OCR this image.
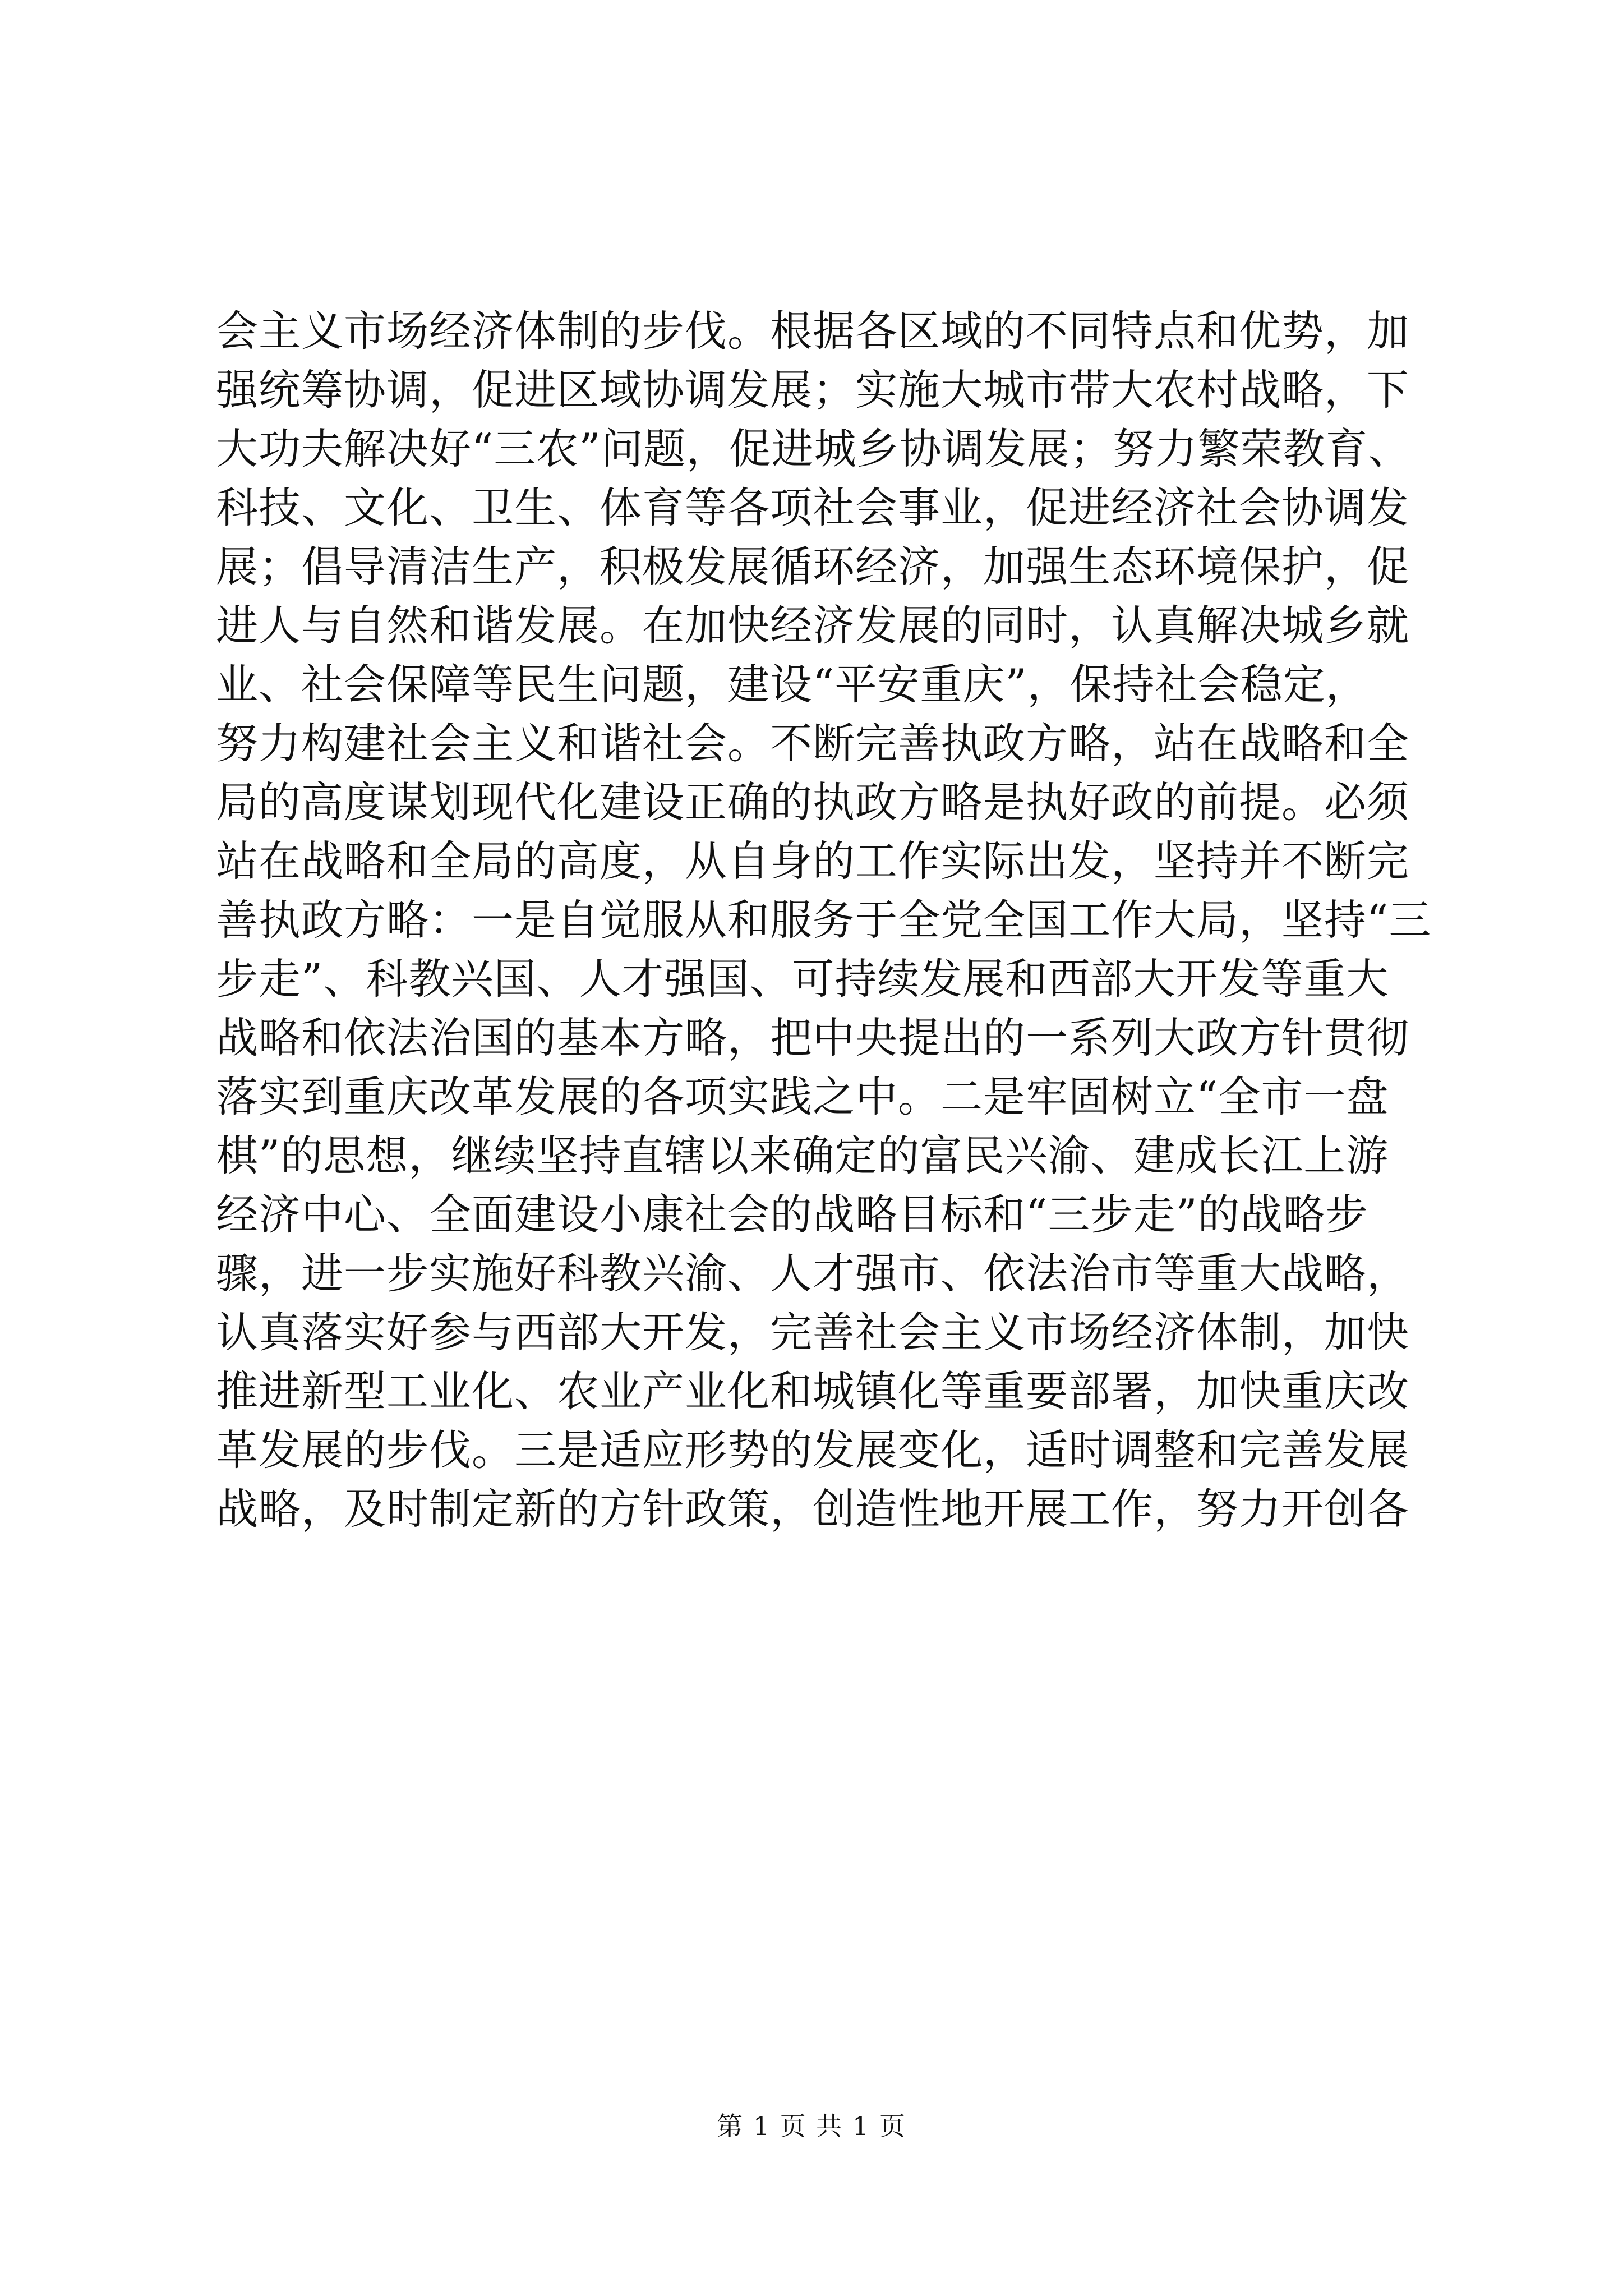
会主义市场经济体制的步伐。根据各区域的不同特点和优势，加
强统筹协调，促进区域协调发展；实施大城市带大农村战略，下
大功夫解决好“三农”问题，促进城乡协调发展；努力繁荣教育、
科技、文化、卫生、体育等各项社会事业，促进经济社会协调发
展；倡导清洁生产，积极发展循环经济，加强生态环境保护，促
进人与自然和谐发展。在加快经济发展的同时，认真解决城乡就
业、社会保障等民生问题，建设“平安重庆”，保持社会稳定，
努力构建社会主义和谐社会。不断完善执政方略，站在战略和全
局的高度谋划现代化建设正确的执政方略是执好政的前提。必须
站在战略和全局的高度，从自身的工作实际出发，坚持并不断完
善执政方略：一是自觉服从和服务于全党全国工作大局，坚持“三
步走”、科教兴国、人才强国、可持续发展和西部大开发等重大
战略和依法治国的基本方略，把中央提出的一系列大政方针贯彻
落实到重庆改革发展的各项实践之中。二是牢固树立“全市一盘
棋”的思想，继续坚持直辖以来确定的富民兴渝、建成长江上游
经济中心、全面建设小康社会的战略目标和“三步走”的战略步
骤，进一步实施好科教兴渝、人才强市、依法治市等重大战略，
认真落实好参与西部大开发，完善社会主义市场经济体制，加快
推进新型工业化、农业产业化和城镇化等重要部署，加快重庆改
革发展的步伐。三是适应形势的发展变化，适时调整和完善发展
战略，及时制定新的方针政策，创造性地开展工作，努力开创各
第 1 页 共 1 页
